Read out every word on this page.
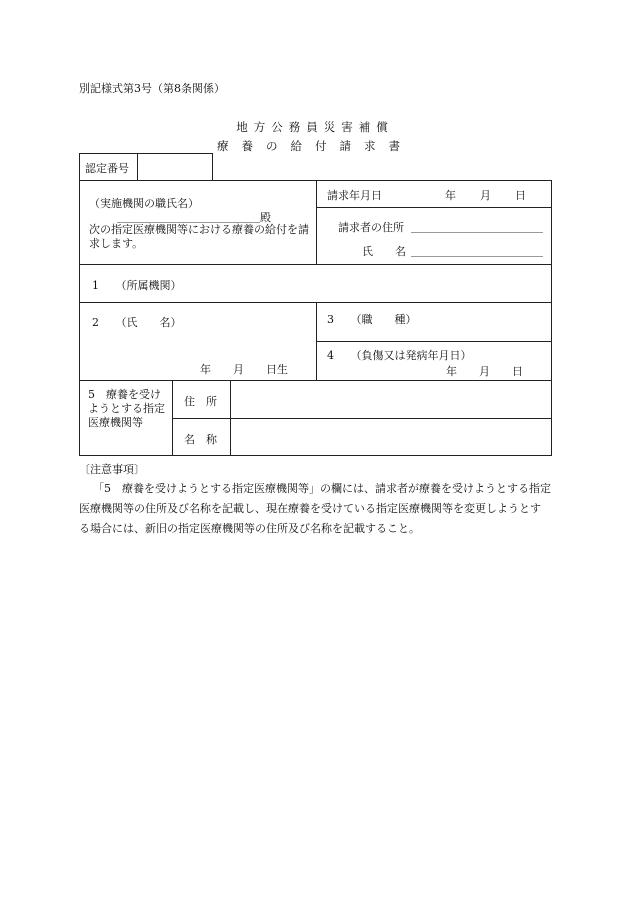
別記様式第3号（第8条関係）
地方公務員災害補償
療養の給付請求書
認定番号
（実施機関の職氏名）
＿＿＿＿＿＿＿＿＿＿＿＿＿殿
次の指定医療機関等における療養の給付を請求します。
請求年月日	年 月 日
請求者の住所 ＿＿＿＿＿＿＿＿＿＿＿＿
氏　　名 ＿＿＿＿＿＿＿＿＿＿＿＿
1　　（所属機関）
2　　（氏　　名）
年　　月　　日生
3　　（職　　種）
4　　（負傷又は発病年月日）
年　　月　　日
5　療養を受けようとする指定医療機関等
住　所
名　称
〔注意事項〕
「5　療養を受けようとする指定医療機関等」の欄には、請求者が療養を受けようとする指定医療機関等の住所及び名称を記載し、現在療養を受けている指定医療機関等を変更しようとする場合には、新旧の指定医療機関等の住所及び名称を記載すること。
